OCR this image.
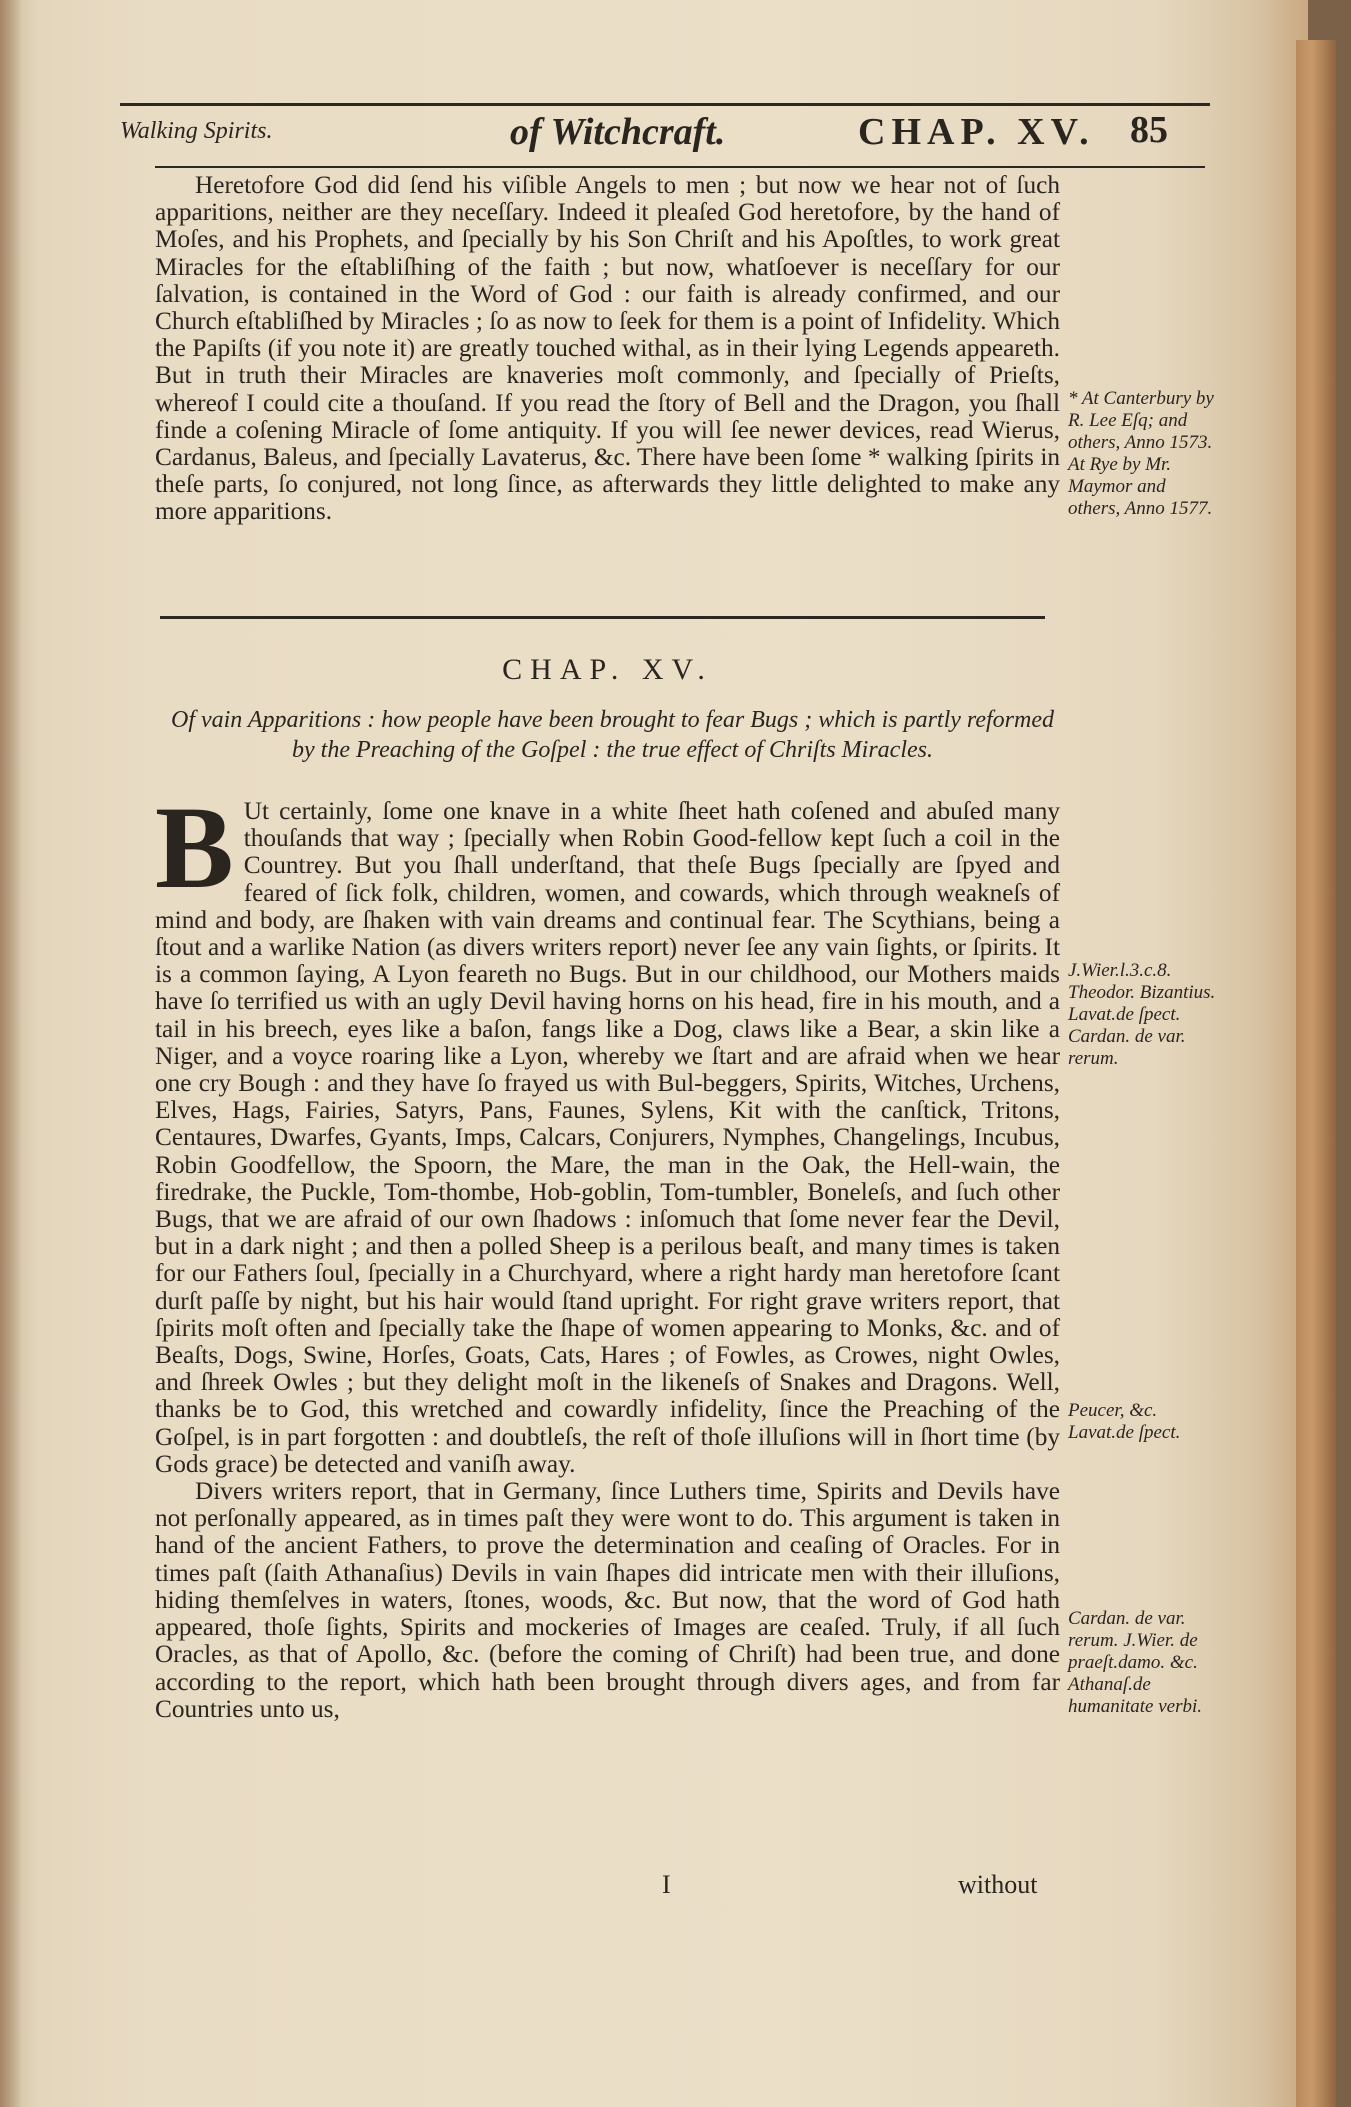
Walking Spirits.	of Witchcraft.	CHAP. XV. 85

Heretofore God did ſend his viſible Angels to men ; but now we hear not of ſuch apparitions, neither are they neceſſary. Indeed it pleaſed God heretofore, by the hand of Moſes, and his Prophets, and ſpecially by his Son Chriſt and his Apoſtles, to work great Miracles for the eſtabliſhing of the faith ; but now, whatſoever is neceſſary for our ſalvation, is contained in the Word of God : our faith is already confirmed, and our Church eſtabliſhed by Miracles ; ſo as now to ſeek for them is a point of Infidelity. Which the Papiſts (if you note it) are greatly touched withal, as in their lying Legends appeareth. But in truth their Miracles are knaveries moſt commonly, and ſpecially of Prieſts, whereof I could cite a thouſand. If you read the ſtory of Bell and the Dragon, you ſhall finde a coſening Miracle of ſome antiquity. If you will ſee newer devices, read Wierus, Cardanus, Baleus, and ſpecially Lavaterus, &c. There have been ſome * walking ſpirits in theſe parts, ſo conjured, not long ſince, as afterwards they little delighted to make any more apparitions.

* At Canterbury by R. Lee Eſq; and others, Anno 1573. At Rye by Mr. Maymor and others, Anno 1577.
CHAP. XV.
Of vain Apparitions : how people have been brought to fear Bugs ; which is partly reformed by the Preaching of the Goſpel : the true effect of Chriſts Miracles.

B Ut certainly, ſome one knave in a white ſheet hath coſened and abuſed many thouſands that way ; ſpecially when Robin Good-fellow kept ſuch a coil in the Countrey. But you ſhall underſtand, that theſe Bugs ſpecially are ſpyed and feared of ſick folk, children, women, and cowards, which through weakneſs of mind and body, are ſhaken with vain dreams and continual fear. The Scythians, being a ſtout and a warlike Nation (as divers writers report) never ſee any vain ſights, or ſpirits. It is a common ſaying, A Lyon feareth no Bugs. But in our childhood, our Mothers maids have ſo terrified us with an ugly Devil having horns on his head, fire in his mouth, and a tail in his breech, eyes like a baſon, fangs like a Dog, claws like a Bear, a skin like a Niger, and a voyce roaring like a Lyon, whereby we ſtart and are afraid when we hear one cry Bough : and they have ſo frayed us with Bul-beggers, Spirits, Witches, Urchens, Elves, Hags, Fairies, Satyrs, Pans, Faunes, Sylens, Kit with the canſtick, Tritons, Centaures, Dwarfes, Gyants, Imps, Calcars, Conjurers, Nymphes, Changelings, Incubus, Robin Goodfellow, the Spoorn, the Mare, the man in the Oak, the Hell-wain, the firedrake, the Puckle, Tom-thombe, Hob-goblin, Tom-tumbler, Boneleſs, and ſuch other Bugs, that we are afraid of our own ſhadows : inſomuch that ſome never fear the Devil, but in a dark night ; and then a polled Sheep is a perilous beaſt, and many times is taken for our Fathers ſoul, ſpecially in a Churchyard, where a right hardy man heretofore ſcant durſt paſſe by night, but his hair would ſtand upright. For right grave writers report, that ſpirits moſt often and ſpecially take the ſhape of women appearing to Monks, &c. and of Beaſts, Dogs, Swine, Horſes, Goats, Cats, Hares ; of Fowles, as Crowes, night Owles, and ſhreek Owles ; but they delight moſt in the likeneſs of Snakes and Dragons. Well, thanks be to God, this wretched and cowardly infidelity, ſince the Preaching of the Goſpel, is in part forgotten : and doubtleſs, the reſt of thoſe illuſions will in ſhort time (by Gods grace) be detected and vaniſh away.

Divers writers report, that in Germany, ſince Luthers time, Spirits and Devils have not perſonally appeared, as in times paſt they were wont to do. This argument is taken in hand of the ancient Fathers, to prove the determination and ceaſing of Oracles. For in times paſt (ſaith Athanaſius) Devils in vain ſhapes did intricate men with their illuſions, hiding themſelves in waters, ſtones, woods, &c. But now, that the word of God hath appeared, thoſe ſights, Spirits and mockeries of Images are ceaſed. Truly, if all ſuch Oracles, as that of Apollo, &c. (before the coming of Chriſt) had been true, and done according to the report, which hath been brought through divers ages, and from far Countries unto us,

J.Wier.l.3.c.8. Theodor. Bizantius. Lavat.de ſpect. Cardan. de var. rerum.
Peucer, &c. Lavat.de ſpect.
Cardan. de var. rerum. J.Wier. de praeſt.damo. &c. Athanaſ.de humanitate verbi.
I	without
